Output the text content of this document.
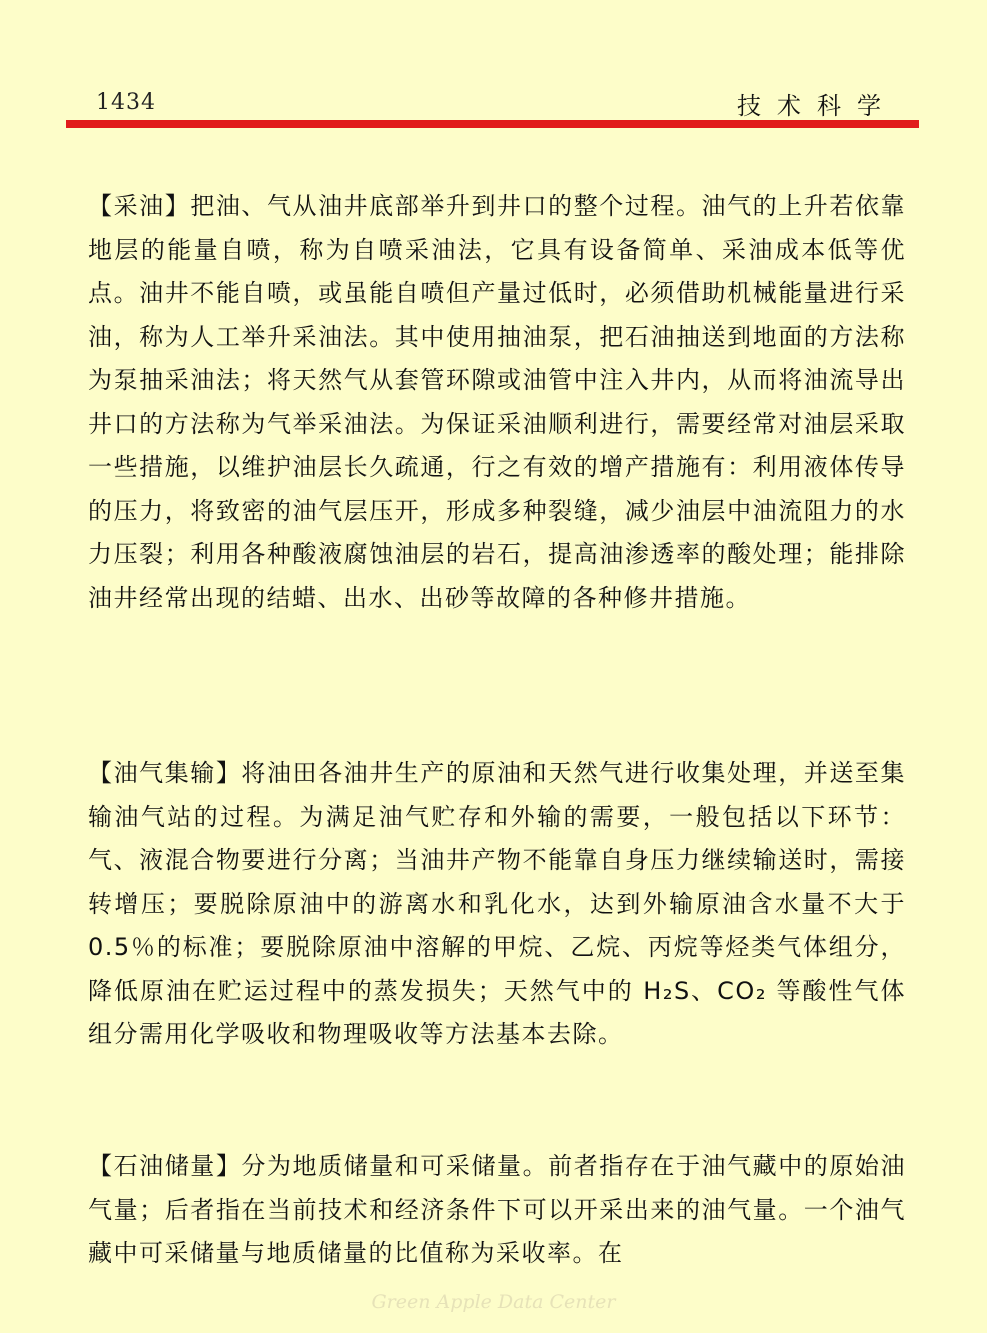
1434	技术科学
【采油】把油、气从油井底部举升到井口的整个过程。油气的上升若依靠地层的能量自喷，称为自喷采油法，它具有设备简单、采油成本低等优点。油井不能自喷，或虽能自喷但产量过低时，必须借助机械能量进行采油，称为人工举升采油法。其中使用抽油泵，把石油抽送到地面的方法称为泵抽采油法；将天然气从套管环隙或油管中注入井内，从而将油流导出井口的方法称为气举采油法。为保证采油顺利进行，需要经常对油层采取一些措施，以维护油层长久疏通，行之有效的增产措施有：利用液体传导的压力，将致密的油气层压开，形成多种裂缝，减少油层中油流阻力的水力压裂；利用各种酸液腐蚀油层的岩石，提高油渗透率的酸处理；能排除油井经常出现的结蜡、出水、出砂等故障的各种修井措施。
【油气集输】将油田各油井生产的原油和天然气进行收集处理，并送至集输油气站的过程。为满足油气贮存和外输的需要，一般包括以下环节：气、液混合物要进行分离；当油井产物不能靠自身压力继续输送时，需接转增压；要脱除原油中的游离水和乳化水，达到外输原油含水量不大于 0.5％的标准；要脱除原油中溶解的甲烷、乙烷、丙烷等烃类气体组分，降低原油在贮运过程中的蒸发损失；天然气中的 H₂S、CO₂ 等酸性气体组分需用化学吸收和物理吸收等方法基本去除。
【石油储量】分为地质储量和可采储量。前者指存在于油气藏中的原始油气量；后者指在当前技术和经济条件下可以开采出来的油气量。一个油气藏中可采储量与地质储量的比值称为采收率。在
Green Apple Data Center
